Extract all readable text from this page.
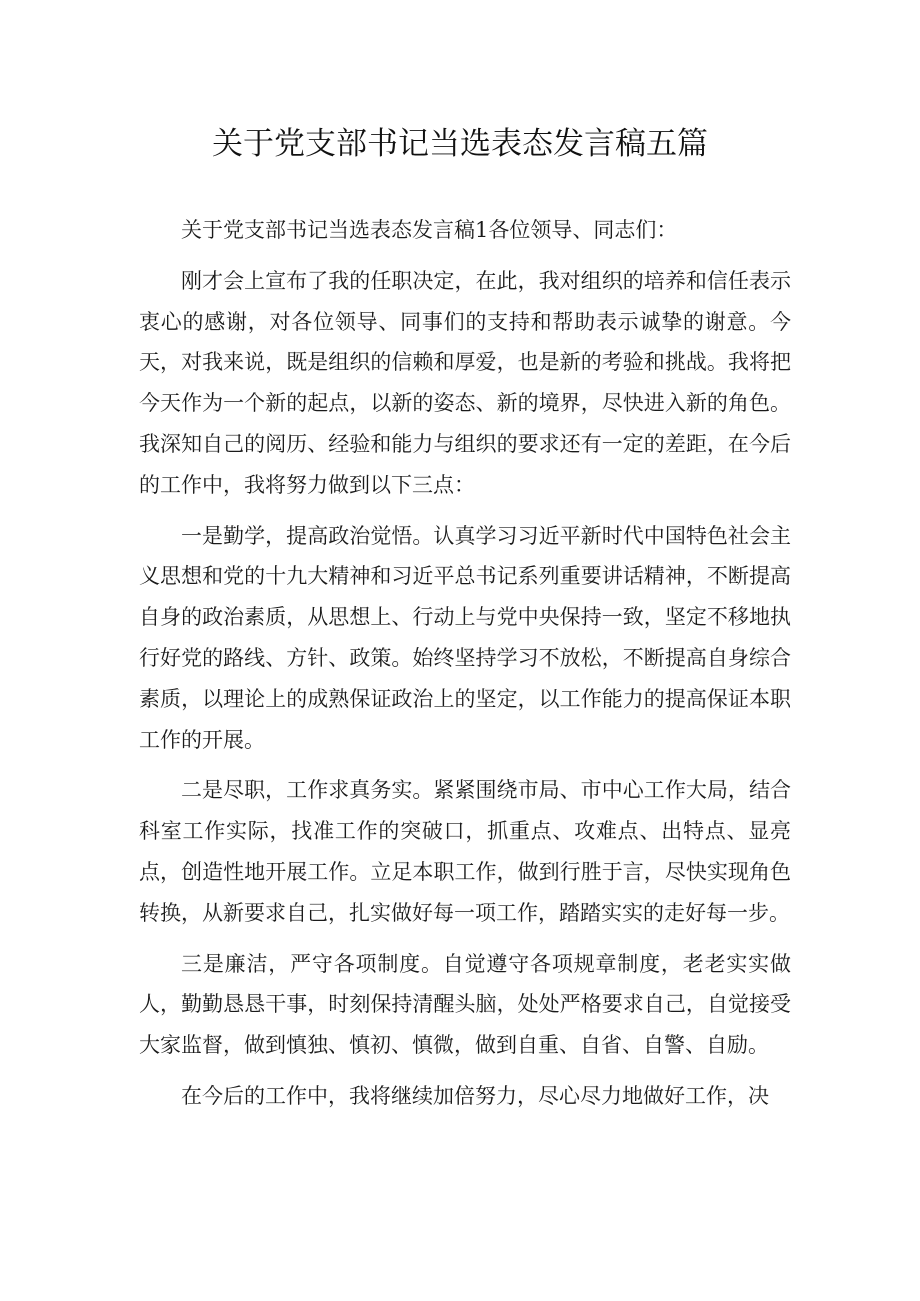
关于党支部书记当选表态发言稿五篇

关于党支部书记当选表态发言稿1各位领导、同志们：

刚才会上宣布了我的任职决定，在此，我对组织的培养和信任表示衷心的感谢，对各位领导、同事们的支持和帮助表示诚挚的谢意。今天，对我来说，既是组织的信赖和厚爱，也是新的考验和挑战。我将把今天作为一个新的起点，以新的姿态、新的境界，尽快进入新的角色。我深知自己的阅历、经验和能力与组织的要求还有一定的差距，在今后的工作中，我将努力做到以下三点：

一是勤学，提高政治觉悟。认真学习习近平新时代中国特色社会主义思想和党的十九大精神和习近平总书记系列重要讲话精神，不断提高自身的政治素质，从思想上、行动上与党中央保持一致，坚定不移地执行好党的路线、方针、政策。始终坚持学习不放松，不断提高自身综合素质，以理论上的成熟保证政治上的坚定，以工作能力的提高保证本职工作的开展。

二是尽职，工作求真务实。紧紧围绕市局、市中心工作大局，结合科室工作实际，找准工作的突破口，抓重点、攻难点、出特点、显亮点，创造性地开展工作。立足本职工作，做到行胜于言，尽快实现角色转换，从新要求自己，扎实做好每一项工作，踏踏实实的走好每一步。

三是廉洁，严守各项制度。自觉遵守各项规章制度，老老实实做人，勤勤恳恳干事，时刻保持清醒头脑，处处严格要求自己，自觉接受大家监督，做到慎独、慎初、慎微，做到自重、自省、自警、自励。

在今后的工作中，我将继续加倍努力，尽心尽力地做好工作，决
